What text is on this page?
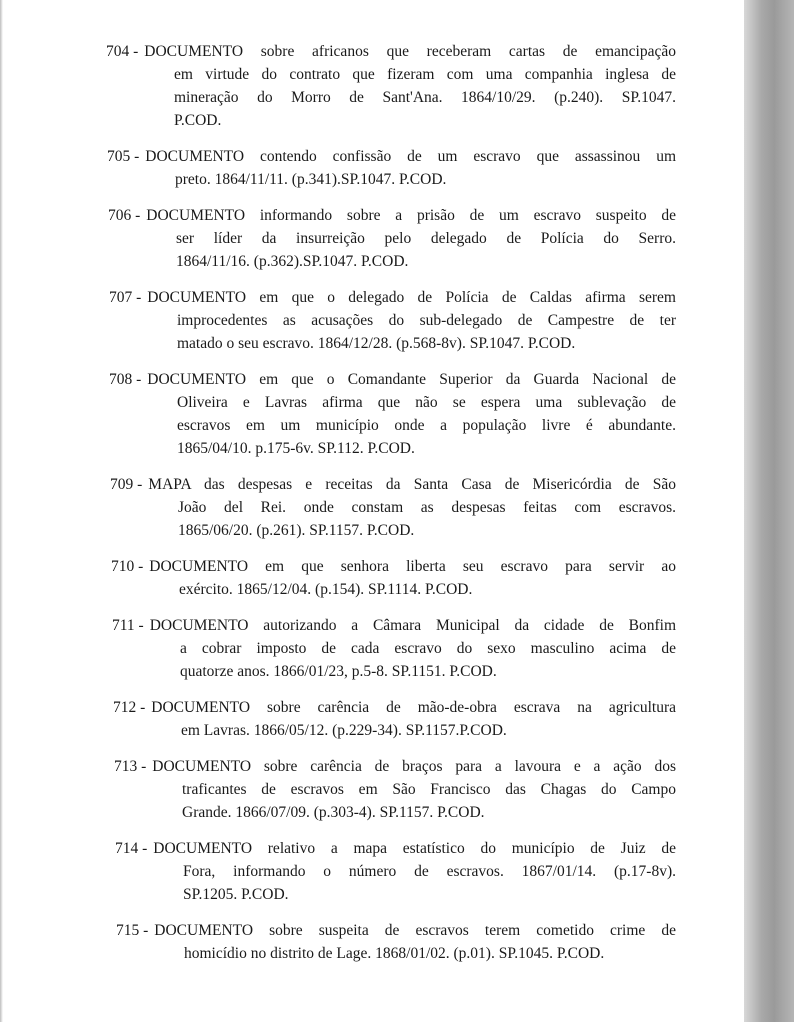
704 - DOCUMENTO sobre africanos que receberam cartas de emancipação
em virtude do contrato que fizeram com uma companhia inglesa de
mineração do Morro de Sant'Ana. 1864/10/29. (p.240). SP.1047.
P.COD.
705 - DOCUMENTO contendo confissão de um escravo que assassinou um
preto. 1864/11/11. (p.341).SP.1047. P.COD.
706 - DOCUMENTO informando sobre a prisão de um escravo suspeito de
ser líder da insurreição pelo delegado de Polícia do Serro.
1864/11/16. (p.362).SP.1047. P.COD.
707 - DOCUMENTO em que o delegado de Polícia de Caldas afirma serem
improcedentes as acusações do sub-delegado de Campestre de ter
matado o seu escravo. 1864/12/28. (p.568-8v). SP.1047. P.COD.
708 - DOCUMENTO em que o Comandante Superior da Guarda Nacional de
Oliveira e Lavras afirma que não se espera uma sublevação de
escravos em um município onde a população livre é abundante.
1865/04/10. p.175-6v. SP.112. P.COD.
709 - MAPA das despesas e receitas da Santa Casa de Misericórdia de São
João del Rei. onde constam as despesas feitas com escravos.
1865/06/20. (p.261). SP.1157. P.COD.
710 - DOCUMENTO em que senhora liberta seu escravo para servir ao
exército. 1865/12/04. (p.154). SP.1114. P.COD.
711 - DOCUMENTO autorizando a Câmara Municipal da cidade de Bonfim
a cobrar imposto de cada escravo do sexo masculino acima de
quatorze anos. 1866/01/23, p.5-8. SP.1151. P.COD.
712 - DOCUMENTO sobre carência de mão-de-obra escrava na agricultura
em Lavras. 1866/05/12. (p.229-34). SP.1157.P.COD.
713 - DOCUMENTO sobre carência de braços para a lavoura e a ação dos
traficantes de escravos em São Francisco das Chagas do Campo
Grande. 1866/07/09. (p.303-4). SP.1157. P.COD.
714 - DOCUMENTO relativo a mapa estatístico do município de Juiz de
Fora, informando o número de escravos. 1867/01/14. (p.17-8v).
SP.1205. P.COD.
715 - DOCUMENTO sobre suspeita de escravos terem cometido crime de
homicídio no distrito de Lage. 1868/01/02. (p.01). SP.1045. P.COD.
